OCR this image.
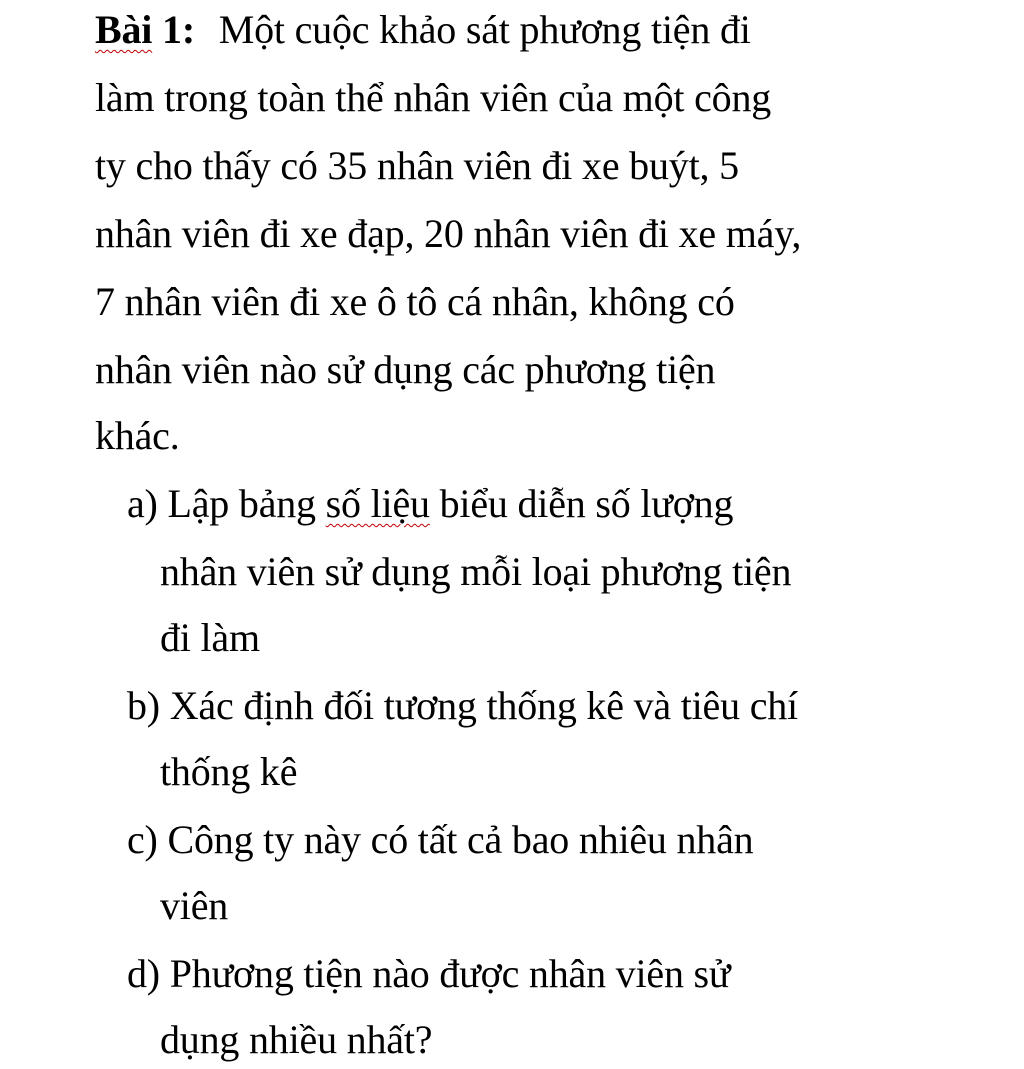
Bài 1: Một cuộc khảo sát phương tiện đi
làm trong toàn thể nhân viên của một công
ty cho thấy có 35 nhân viên đi xe buýt, 5
nhân viên đi xe đạp, 20 nhân viên đi xe máy,
7 nhân viên đi xe ô tô cá nhân, không có
nhân viên nào sử dụng các phương tiện
khác.
a) Lập bảng số liệu biểu diễn số lượng
nhân viên sử dụng mỗi loại phương tiện
đi làm
b) Xác định đối tương thống kê và tiêu chí
thống kê
c) Công ty này có tất cả bao nhiêu nhân
viên
d) Phương tiện nào được nhân viên sử
dụng nhiều nhất?
